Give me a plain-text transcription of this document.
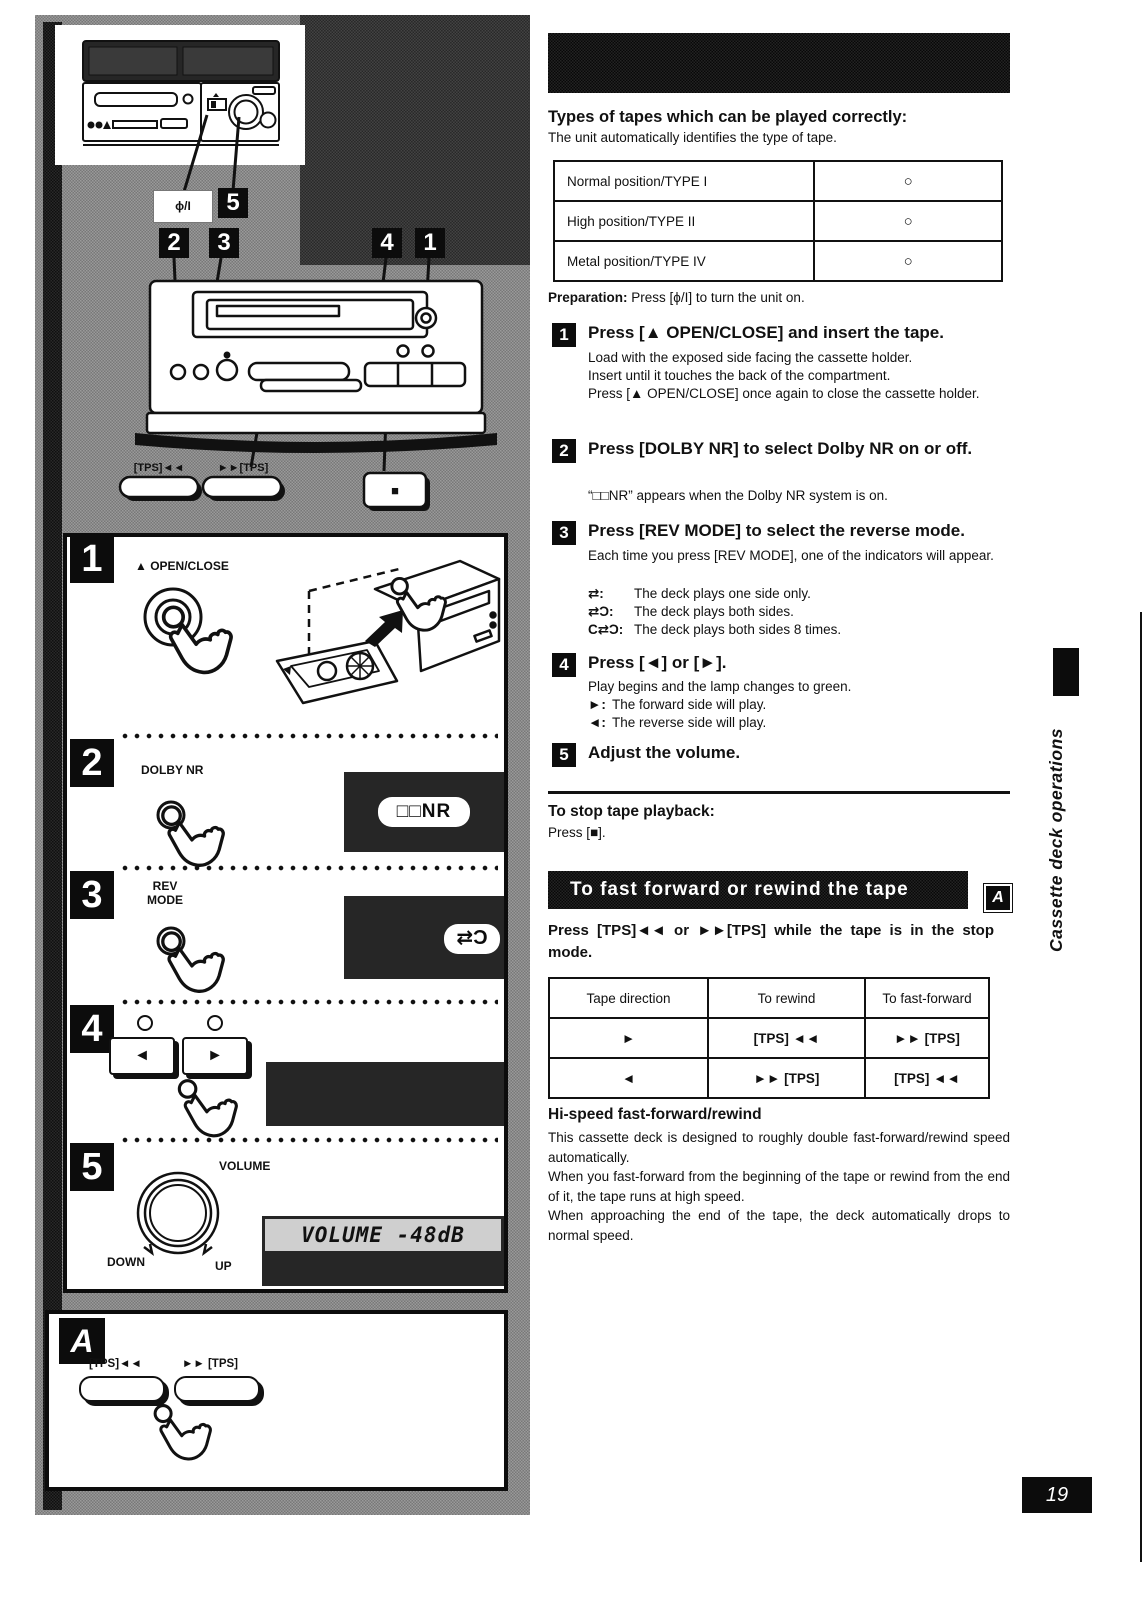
[TPS]◄◄	►►[TPS]
■
ϕ/I	5
2	3	4	1
1	▲ OPEN/CLOSE
2	DOLBY NR
□□NR
3	REV
MODE
⇄Ɔ
4
◄	►
5	VOLUME
DOWN	UP
VOLUME -48dB
A
[TPS]◄◄	►► [TPS]
Types of tapes which can be played correctly:
The unit automatically identifies the type of tape.
Normal position/TYPE I	○
High position/TYPE II	○
Metal position/TYPE IV	○
Preparation: Press [ϕ/I] to turn the unit on.
1	Press [▲ OPEN/CLOSE] and insert the tape.
Load with the exposed side facing the cassette holder.
Insert until it touches the back of the compartment.
Press [▲ OPEN/CLOSE] once again to close the cassette holder.
2	Press [DOLBY NR] to select Dolby NR on or off.
“□□NR” appears when the Dolby NR system is on.
3	Press [REV MODE] to select the reverse mode.
Each time you press [REV MODE], one of the indicators will appear.
⇄:	The deck plays one side only.
⇄Ɔ:	The deck plays both sides.
C⇄Ɔ: The deck plays both sides 8 times.
4	Press [◄] or [►].
Play begins and the lamp changes to green.
►: The forward side will play.
◄: The reverse side will play.
5	Adjust the volume.
To stop tape playback:
Press [■].
To fast forward or rewind the tape	A
Press [TPS]◄◄ or ►►[TPS] while the tape is in the stop mode.
Tape direction	To rewind	To fast-forward
►	[TPS] ◄◄	►► [TPS]
◄	►► [TPS]	[TPS] ◄◄
Hi-speed fast-forward/rewind
This cassette deck is designed to roughly double fast-forward/rewind speed automatically.
When you fast-forward from the beginning of the tape or rewind from the end of it, the tape runs at high speed.
When approaching the end of the tape, the deck automatically drops to normal speed.
Cassette deck operations
19
